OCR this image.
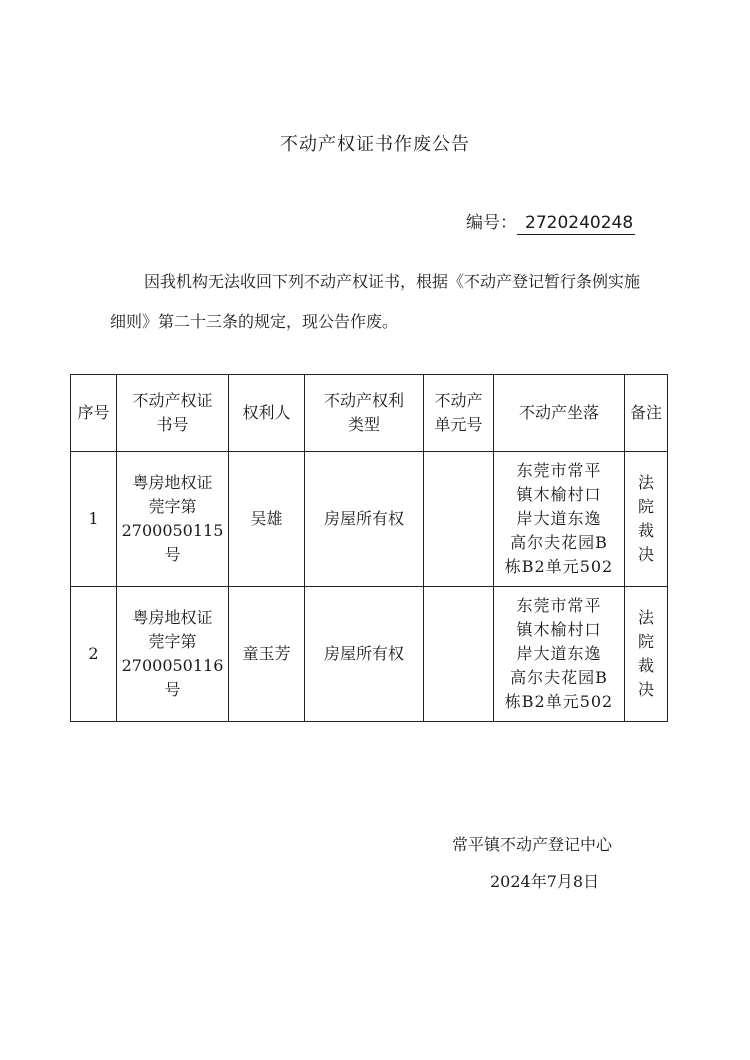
不动产权证书作废公告
编号： 2720240248

因我机构无法收回下列不动产权证书，根据《不动产登记暂行条例实施细则》第二十三条的规定，现公告作废。

序号	不动产权证
书号	权利人	不动产权利
类型	不动产
单元号	不动产坐落	备注
1	粤房地权证
莞字第
2700050115
号	吴雄	房屋所有权		东莞市常平
镇木榆村口
岸大道东逸
高尔夫花园B
栋B2单元502	法
院
裁
决
2	粤房地权证
莞字第
2700050116
号	童玉芳	房屋所有权		东莞市常平
镇木榆村口
岸大道东逸
高尔夫花园B
栋B2单元502	法
院
裁
决
常平镇不动产登记中心
2024年7月8日
